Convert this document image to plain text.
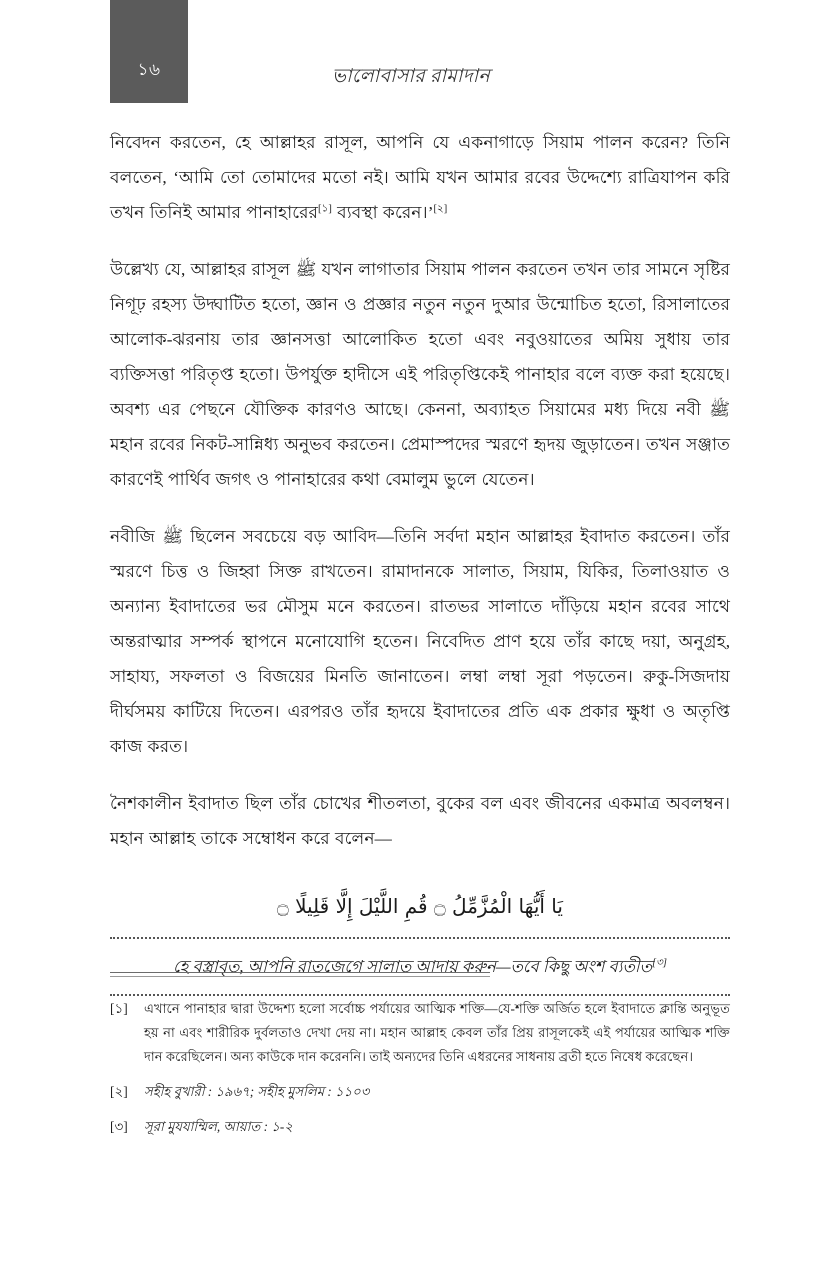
১৬	ভালোবাসার রামাদান

নিবেদন করতেন, হে আল্লাহর রাসূল, আপনি যে একনাগাড়ে সিয়াম পালন করেন? তিনি বলতেন, ‘আমি তো তোমাদের মতো নই। আমি যখন আমার রবের উদ্দেশ্যে রাত্রিযাপন করি তখন তিনিই আমার পানাহারের[১] ব্যবস্থা করেন।’[২]

উল্লেখ্য যে, আল্লাহর রাসূল ﷺ যখন লাগাতার সিয়াম পালন করতেন তখন তার সামনে সৃষ্টির নিগূঢ় রহস্য উদ্ঘাটিত হতো, জ্ঞান ও প্রজ্ঞার নতুন নতুন দুআর উন্মোচিত হতো, রিসালাতের আলোক-ঝরনায় তার জ্ঞানসত্তা আলোকিত হতো এবং নবুওয়াতের অমিয় সুধায় তার ব্যক্তিসত্তা পরিতৃপ্ত হতো। উপর্যুক্ত হাদীসে এই পরিতৃপ্তিকেই পানাহার বলে ব্যক্ত করা হয়েছে। অবশ্য এর পেছনে যৌক্তিক কারণও আছে। কেননা, অব্যাহত সিয়ামের মধ্য দিয়ে নবী ﷺ মহান রবের নিকট-সান্নিধ্য অনুভব করতেন। প্রেমাস্পদের স্মরণে হৃদয় জুড়াতেন। তখন সঞ্জাত কারণেই পার্থিব জগৎ ও পানাহারের কথা বেমালুম ভুলে যেতেন।

নবীজি ﷺ ছিলেন সবচেয়ে বড় আবিদ—তিনি সর্বদা মহান আল্লাহর ইবাদাত করতেন। তাঁর স্মরণে চিত্ত ও জিহ্বা সিক্ত রাখতেন। রামাদানকে সালাত, সিয়াম, যিকির, তিলাওয়াত ও অন্যান্য ইবাদাতের ভর মৌসুম মনে করতেন। রাতভর সালাতে দাঁড়িয়ে মহান রবের সাথে অন্তরাত্মার সম্পর্ক স্থাপনে মনোযোগি হতেন। নিবেদিত প্রাণ হয়ে তাঁর কাছে দয়া, অনুগ্রহ, সাহায্য, সফলতা ও বিজয়ের মিনতি জানাতেন। লম্বা লম্বা সূরা পড়তেন। রুকু-সিজদায় দীর্ঘসময় কাটিয়ে দিতেন। এরপরও তাঁর হৃদয়ে ইবাদাতের প্রতি এক প্রকার ক্ষুধা ও অতৃপ্তি কাজ করত।

নৈশকালীন ইবাদাত ছিল তাঁর চোখের শীতলতা, বুকের বল এবং জীবনের একমাত্র অবলম্বন। মহান আল্লাহ তাকে সম্বোধন করে বলেন—

يَا أَيُّهَا الْمُزَّمِّلُ ۝ قُمِ اللَّيْلَ إِلَّا قَلِيلًا ۝
হে বস্ত্রাবৃত, আপনি রাতজেগে সালাত আদায় করুন—তবে কিছু অংশ ব্যতীত[৩]
[১]	এখানে পানাহার দ্বারা উদ্দেশ্য হলো সর্বোচ্চ পর্যায়ের আত্মিক শক্তি—যে-শক্তি অর্জিত হলে ইবাদাতে ক্লান্তি অনুভূত হয় না এবং শারীরিক দুর্বলতাও দেখা দেয় না। মহান আল্লাহ কেবল তাঁর প্রিয় রাসূলকেই এই পর্যায়ের আত্মিক শক্তি দান করেছিলেন। অন্য কাউকে দান করেননি। তাই অন্যদের তিনি এধরনের সাধনায় ব্রতী হতে নিষেধ করেছেন।
[২]	সহীহ বুখারী : ১৯৬৭; সহীহ মুসলিম : ১১০৩
[৩]	সূরা মুযযাম্মিল, আয়াত : ১-২
